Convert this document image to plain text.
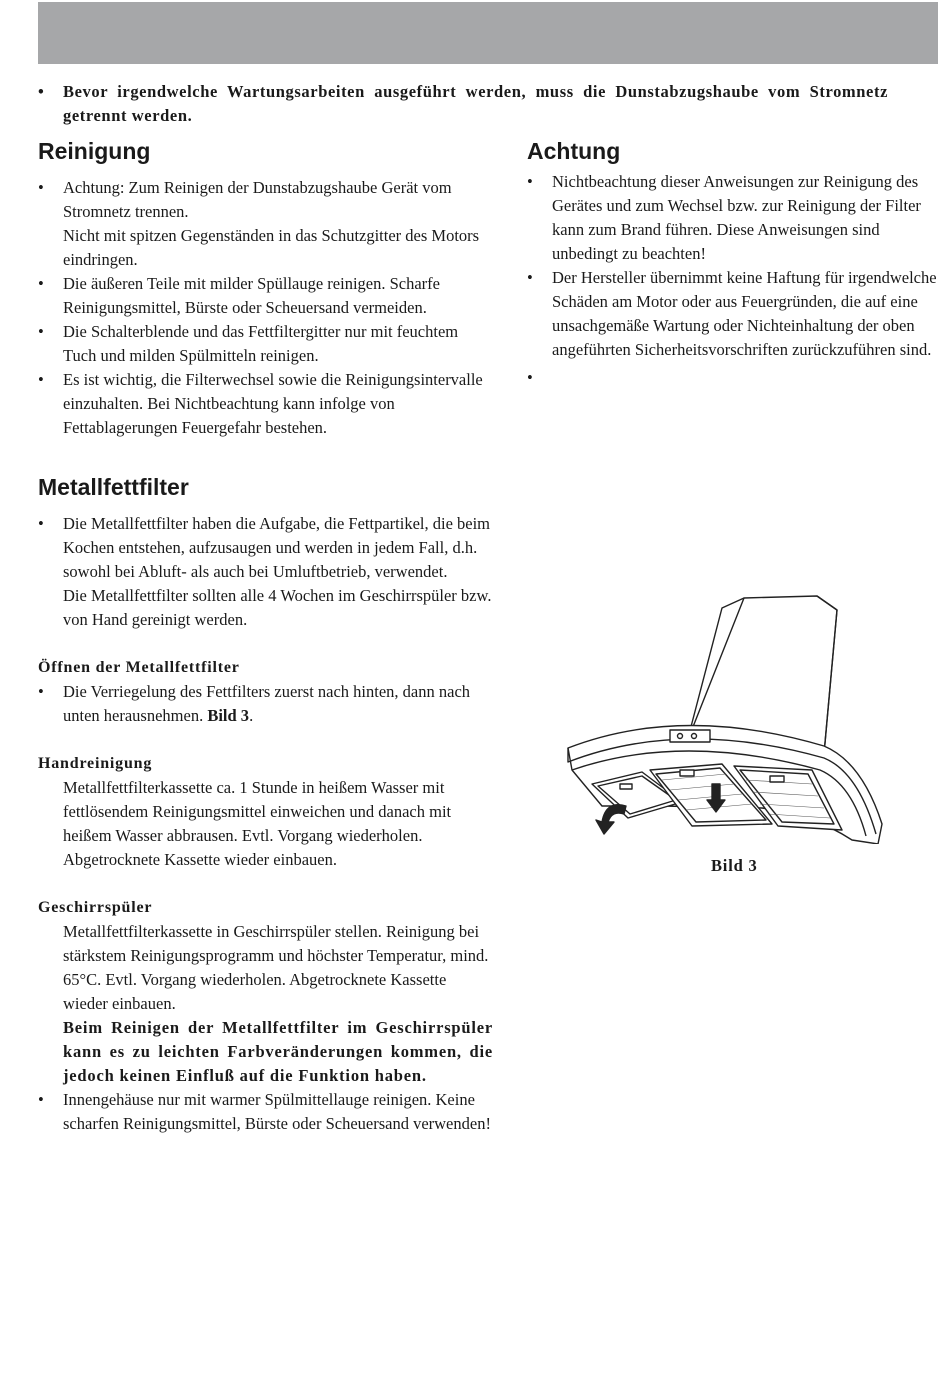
• Bevor irgendwelche Wartungsarbeiten ausgeführt werden, muss die Dunstabzugshaube vom Stromnetz getrennt werden.
Reinigung
• Achtung: Zum Reinigen der Dunstabzugshaube Gerät vom Stromnetz trennen.
Nicht mit spitzen Gegenständen in das Schutzgitter des Motors eindringen.
• Die äußeren Teile mit milder Spüllauge reinigen. Scharfe Reinigungsmittel, Bürste oder Scheuersand vermeiden.
• Die Schalterblende und das Fettfiltergitter nur mit feuchtem Tuch und milden Spülmitteln reinigen.
• Es ist wichtig, die Filterwechsel sowie die Reinigungsintervalle einzuhalten. Bei Nichtbeachtung kann infolge von Fettablagerungen Feuergefahr bestehen.
Metallfettfilter
• Die Metallfettfilter haben die Aufgabe, die Fettpartikel, die beim Kochen entstehen, aufzusaugen und werden in jedem Fall, d.h. sowohl bei Abluft- als auch bei Umluftbetrieb, verwendet.
Die Metallfettfilter sollten alle 4 Wochen im Geschirrspüler bzw. von Hand gereinigt werden.

Öffnen der Metallfettfilter

• Die Verriegelung des Fettfilters zuerst nach hinten, dann nach unten herausnehmen. Bild 3.

Handreinigung

Metallfettfilterkassette ca. 1 Stunde in heißem Wasser mit fettlösendem Reinigungsmittel einweichen und danach mit heißem Wasser abbrausen. Evtl. Vorgang wiederholen. Abgetrocknete Kassette wieder einbauen.

Geschirrspüler

Metallfettfilterkassette in Geschirrspüler stellen. Reinigung bei stärkstem Reinigungsprogramm und höchster Temperatur, mind. 65°C. Evtl. Vorgang wiederholen. Abgetrocknete Kassette wieder einbauen.

Beim Reinigen der Metallfettfilter im Geschirrspüler kann es zu leichten Farbveränderungen kommen, die jedoch keinen Einfluß auf die Funktion haben.

• Innengehäuse nur mit warmer Spülmittellauge reinigen. Keine scharfen Reinigungsmittel, Bürste oder Scheuersand verwenden!
Achtung
• Nichtbeachtung dieser Anweisungen zur Reinigung des Gerätes und zum Wechsel bzw. zur Reinigung der Filter kann zum Brand führen. Diese Anweisungen sind unbedingt zu beachten!
• Der Hersteller übernimmt keine Haftung für irgendwelche Schäden am Motor oder aus Feuergründen, die auf eine unsachgemäße Wartung oder Nichteinhaltung der oben angeführten Sicherheitsvorschriften zurückzuführen sind.
•

Bild 3
